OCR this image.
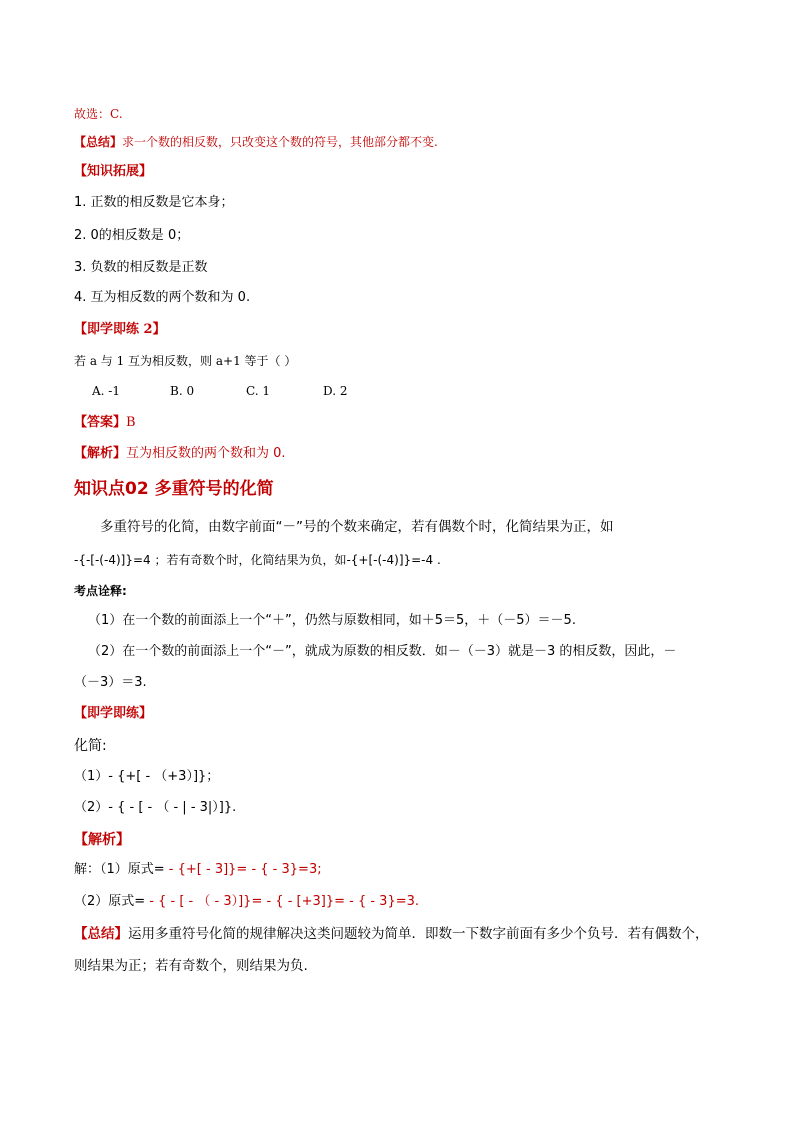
故选：C.
【总结】求一个数的相反数，只改变这个数的符号，其他部分都不变.
【知识拓展】
1. 正数的相反数是它本身；
2. 0的相反数是 0；
3. 负数的相反数是正数
4. 互为相反数的两个数和为 0.
【即学即练 2】
若 a 与 1 互为相反数，则 a+1 等于（ ）
A. -1	B. 0	C. 1	D. 2
【答案】B
【解析】互为相反数的两个数和为 0.
知识点02 多重符号的化简
多重符号的化简，由数字前面“－”号的个数来确定，若有偶数个时，化简结果为正，如
-{-[-(-4)]}=4 ；若有奇数个时，化简结果为负，如-{+[-(-4)]}=-4 .
考点诠释:
（1）在一个数的前面添上一个“＋”，仍然与原数相同，如＋5＝5，＋（－5）＝－5.
（2）在一个数的前面添上一个“－”，就成为原数的相反数．如－（－3）就是－3 的相反数，因此，－
（－3）＝3.
【即学即练】
化简:
（1）- {+[ - （+3）]}；
（2）- { - [ - （ - | - 3|）]}.
【解析】
解：（1）原式= - {+[ - 3]}= - { - 3}=3;
（2）原式= - { - [ - （ - 3）]}= - { - [+3]}= - { - 3}=3.
【总结】运用多重符号化简的规律解决这类问题较为简单．即数一下数字前面有多少个负号．若有偶数个，
则结果为正；若有奇数个，则结果为负.
